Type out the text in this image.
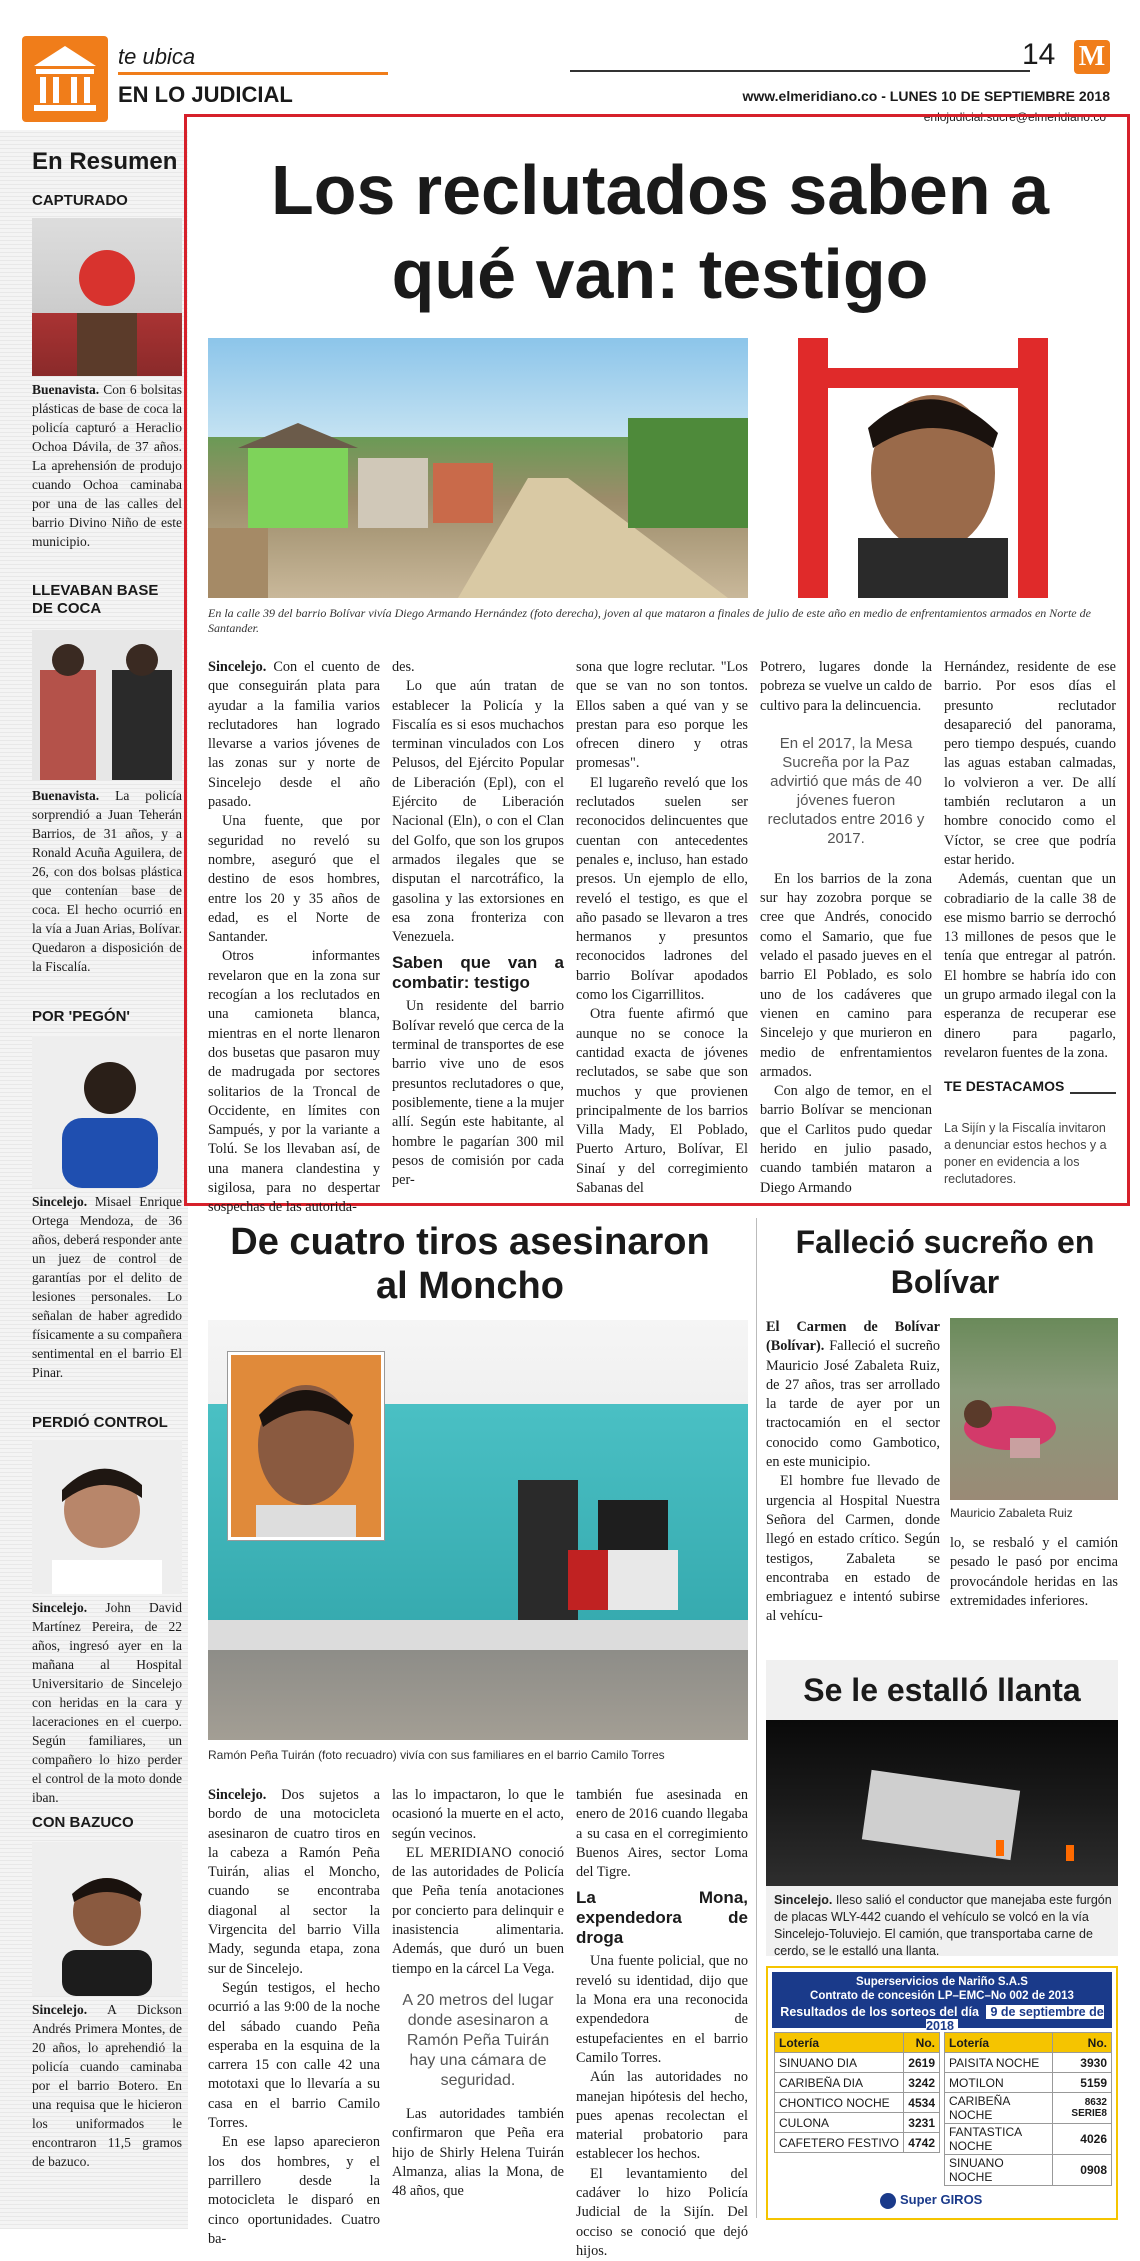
te ubica
EN LO JUDICIAL
14 M
www.elmeridiano.co - LUNES 10 DE SEPTIEMBRE 2018
enlojudicial.sucre@elmeridiano.co
En Resumen
CAPTURADO
Buenavista. Con 6 bolsitas plásticas de base de coca la policía capturó a Heraclio Ochoa Dávila, de 37 años. La aprehensión de produjo cuando Ochoa caminaba por una de las calles del barrio Divino Niño de este municipio.
LLEVABAN BASE DE COCA
Buenavista. La policía sorprendió a Juan Teherán Barrios, de 31 años, y a Ronald Acuña Aguilera, de 26, con dos bolsas plástica que contenían base de coca. El hecho ocurrió en la vía a Juan Arias, Bolívar. Quedaron a disposición de la Fiscalía.
POR 'PEGÓN'
Sincelejo. Misael Enrique Ortega Mendoza, de 36 años, deberá responder ante un juez de control de garantías por el delito de lesiones personales. Lo señalan de haber agredido físicamente a su compañera sentimental en el barrio El Pinar.
PERDIÓ CONTROL
Sincelejo. John David Martínez Pereira, de 22 años, ingresó ayer en la mañana al Hospital Universitario de Sincelejo con heridas en la cara y laceraciones en el cuerpo. Según familiares, un compañero lo hizo perder el control de la moto donde iban.
CON BAZUCO
Sincelejo. A Dickson Andrés Primera Montes, de 20 años, lo aprehendió la policía cuando caminaba por el barrio Botero. En una requisa que le hicieron los uniformados le encontraron 11,5 gramos de bazuco.
Los reclutados saben a qué van: testigo
En la calle 39 del barrio Bolívar vivía Diego Armando Hernández (foto derecha), joven al que mataron a finales de julio de este año en medio de enfrentamientos armados en Norte de Santander.

Sincelejo. Con el cuento de que conseguirán plata para ayudar a la familia varios reclutadores han logrado llevarse a varios jóvenes de las zonas sur y norte de Sincelejo desde el año pasado.

Una fuente, que por seguridad no reveló su nombre, aseguró que el destino de esos hombres, entre los 20 y 35 años de edad, es el Norte de Santander.

Otros informantes revelaron que en la zona sur recogían a los reclutados en una camioneta blanca, mientras en el norte llenaron dos busetas que pasaron muy de madrugada por sectores solitarios de la Troncal de Occidente, en límites con Sampués, y por la variante a Tolú. Se los llevaban así, de una manera clandestina y sigilosa, para no despertar sospechas de las autorida-

des.

Lo que aún tratan de establecer la Policía y la Fiscalía es si esos muchachos terminan vinculados con Los Pelusos, del Ejército Popular de Liberación (Epl), con el Ejército de Liberación Nacional (Eln), o con el Clan del Golfo, que son los grupos armados ilegales que se disputan el narcotráfico, la gasolina y las extorsiones en esa zona fronteriza con Venezuela.

Saben que van a combatir: testigo

Un residente del barrio Bolívar reveló que cerca de la terminal de transportes de ese barrio vive uno de esos presuntos reclutadores o que, posiblemente, tiene a la mujer allí. Según este habitante, al hombre le pagarían 300 mil pesos de comisión por cada per-

sona que logre reclutar. "Los que se van no son tontos. Ellos saben a qué van y se prestan para eso porque les ofrecen dinero y otras promesas".

El lugareño reveló que los reclutados suelen ser reconocidos delincuentes que cuentan con antecedentes penales e, incluso, han estado presos. Un ejemplo de ello, reveló el testigo, es que el año pasado se llevaron a tres hermanos y presuntos reconocidos ladrones del barrio Bolívar apodados como los Cigarrillitos.

Otra fuente afirmó que aunque no se conoce la cantidad exacta de jóvenes reclutados, se sabe que son muchos y que provienen principalmente de los barrios Villa Mady, El Poblado, Puerto Arturo, Bolívar, El Sinaí y del corregimiento Sabanas del

Potrero, lugares donde la pobreza se vuelve un caldo de cultivo para la delincuencia.

En el 2017, la Mesa Sucreña por la Paz advirtió que más de 40 jóvenes fueron reclutados entre 2016 y 2017.

En los barrios de la zona sur hay zozobra porque se cree que Andrés, conocido como el Samario, que fue velado el pasado jueves en el barrio El Poblado, es solo uno de los cadáveres que vienen en camino para Sincelejo y que murieron en medio de enfrentamientos armados.

Con algo de temor, en el barrio Bolívar se mencionan que el Carlitos pudo quedar herido en julio pasado, cuando también mataron a Diego Armando

Hernández, residente de ese barrio. Por esos días el presunto reclutador desapareció del panorama, pero tiempo después, cuando las aguas estaban calmadas, lo volvieron a ver. De allí también reclutaron a un hombre conocido como el Víctor, se cree que podría estar herido.

Además, cuentan que un cobradiario de la calle 38 de ese mismo barrio se derrochó 13 millones de pesos que le tenía que entregar al patrón. El hombre se habría ido con un grupo armado ilegal con la esperanza de recuperar ese dinero para pagarlo, revelaron fuentes de la zona.

TE DESTACAMOS
La Sijín y la Fiscalía invitaron a denunciar estos hechos y a poner en evidencia a los reclutadores.
De cuatro tiros asesinaron al Moncho
Ramón Peña Tuirán (foto recuadro) vivía con sus familiares en el barrio Camilo Torres

Sincelejo. Dos sujetos a bordo de una motocicleta asesinaron de cuatro tiros en la cabeza a Ramón Peña Tuirán, alias el Moncho, cuando se encontraba diagonal al sector la Virgencita del barrio Villa Mady, segunda etapa, zona sur de Sincelejo.

Según testigos, el hecho ocurrió a las 9:00 de la noche del sábado cuando Peña esperaba en la esquina de la carrera 15 con calle 42 una mototaxi que lo llevaría a su casa en el barrio Camilo Torres.

En ese lapso aparecieron los dos hombres, y el parrillero desde la motocicleta le disparó en cinco oportunidades. Cuatro ba-

las lo impactaron, lo que le ocasionó la muerte en el acto, según vecinos.

EL MERIDIANO conoció de las autoridades de Policía que Peña tenía anotaciones por concierto para delinquir e inasistencia alimentaria. Además, que duró un buen tiempo en la cárcel La Vega.

A 20 metros del lugar donde asesinaron a Ramón Peña Tuirán hay una cámara de seguridad.

Las autoridades también confirmaron que Peña era hijo de Shirly Helena Tuirán Almanza, alias la Mona, de 48 años, que

también fue asesinada en enero de 2016 cuando llegaba a su casa en el corregimiento Buenos Aires, sector Loma del Tigre.

La Mona, expendedora de droga

Una fuente policial, que no reveló su identidad, dijo que la Mona era una reconocida expendedora de estupefacientes en el barrio Camilo Torres.

Aún las autoridades no manejan hipótesis del hecho, pues apenas recolectan el material probatorio para establecer los hechos.

El levantamiento del cadáver lo hizo Policía Judicial de la Sijín. Del occiso se conoció que dejó hijos.

Falleció sucreño en Bolívar

El Carmen de Bolívar (Bolívar). Falleció el sucreño Mauricio José Zabaleta Ruiz, de 27 años, tras ser arrollado la tarde de ayer por un tractocamión en el sector conocido como Gambotico, en este municipio.

El hombre fue llevado de urgencia al Hospital Nuestra Señora del Carmen, donde llegó en estado crítico. Según testigos, Zabaleta se encontraba en estado de embriaguez e intentó subirse al vehícu-

Mauricio Zabaleta Ruiz

lo, se resbaló y el camión pesado le pasó por encima provocándole heridas en las extremidades inferiores.

Se le estalló llanta
Sincelejo. Ileso salió el conductor que manejaba este furgón de placas WLY-442 cuando el vehículo se volcó en la vía Sincelejo-Toluviejo. El camión, que transportaba carne de cerdo, se le estalló una llanta.
Superservicios de Nariño S.A.S
Contrato de concesión LP–EMC–No 002 de 2013
Resultados de los sorteos del día 9 de septiembre de 2018
Lotería	No.
SINUANO DIA	2619
CARIBEÑA DIA	3242
CHONTICO NOCHE	4534
CULONA	3231
CAFETERO FESTIVO	4742
Lotería	No.
PAISITA NOCHE	3930
MOTILON	5159
CARIBEÑA NOCHE	8632 SERIE8
FANTASTICA NOCHE	4026
SINUANO NOCHE	0908
Super GIROS
